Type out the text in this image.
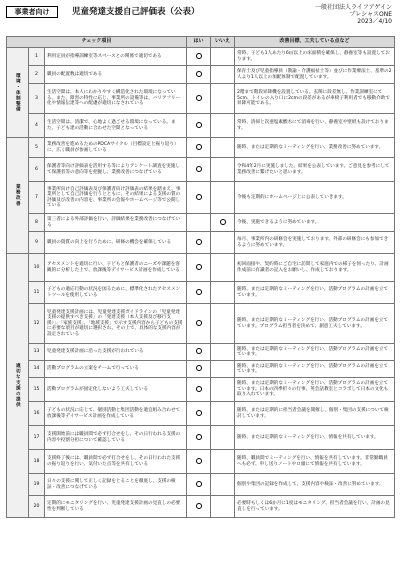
事業者向け	児童発達支援自己評価表（公表）	一般社団法人ライフアゲイン
プレシャスONE
2023／4/10
チェック項目			はい	いいえ	改善目標、工夫している点など
環境・体制整備	1	利用定員が指導訓練室等スペースとの関係で適切である			常時、子ども1人あたり6㎡以上の床面積を確保し、静養室等も設置しております。
	2	職員の配置数は適切である			保育士及び児童指導員（教諭・介護福祉士等）並びに作業療法士、基準の2人より1人以上の加配体制で配置しています。
	3	生活空間は、本人にわかりやすく構造化された環境になっている。また、障害の特性に応じ、事業所の設備等は、バリアフリー化や情報伝達等への配慮が適切になされている			2階まで階段昇降機を設置している。玄関に段差無し、作業訓練室にて5cm、トイレの入り口に2cmの段差があるが車椅子利用者でも移動介助で昇降可能である。
	4	生活空間は、清潔で、心地よく過ごせる環境になっている。また、子ども達の活動に合わせた空間となっている			常時、清掃と次亜塩素酸水にて消毒を行い、静養室や壁紙も設けております。
業務改善	5	業務改善を進めるためのPDCAサイクル（目標設定と振り返り）に、広く職員が参画している			随時、または定期的なミーティングを行い、業務改善に努めています。
	6	保護者等向け評価表を活用する等によりアンケート調査を実施して保護者等の意向等を把握し、業務改善につなげている			令和4年2月に実施しました。結果を公表しています。ご意見を参考にして業務改善に繋げたいと思います。
	7	事業所向け自己評価表及び保護者向け評価表の結果を踏まえ、事業所として自己評価を行うとともに、その結果による支援の質の評価及び改善の内容を、事業所の会報やホームページ等で公開している			今後も定期的にホームページ上に公表していきます。
	8	第三者による外部評価を行い、評価結果を業務改善につなげている			今後、実施できるように努めています。
	9	職員の資質の向上を行うために、研修の機会を確保している			毎月、事業所内の研修会を実施しております。外部の研修会にも参加できるように努めています。
適切な支援の提供	10	アセスメントを適切に行い、子どもと保護者のニーズや課題を客観的に分析した上で、放課後等デイサービス計画を作成している			初回面接や、契約時にご自宅に訪問して家庭内での様子を伺ったり、計画作成前に有識者の記入をお願いし、作成しております。
	11	子どもの適応行動の状況を図るために、標準化されたアセスメントツールを使用している			随時、または定期的なミーティングを行い、活動プログラムの計画を立てています。
	12	児童発達支援計画には、児童発達支援ガイドラインの「児童発達支援の提供すべき支援」の「発達支援（本人支援及び移行支援）」、「家族支援」、「地域支援」で示す支援内容から子どもの支援に必要な項目が適切に選択され、その上で、具体的な支援内容が設定されている			随時、または定期的なミーティングを行い、活動プログラムの計画を立てています。プログラム担当者を決めて、創意工夫しています。
	13	児童発達支援計画に沿った支援が行われている			随時、または定期的なミーティングを行い、活動プログラムの計画を立てています。
	14	活動プログラムの立案をチームで行っている			随時、または定期的なミーティングを行い、活動プログラムの計画を立てています。
	15	活動プログラムが固定化しないよう工夫している			随時、または定期的なミーティングを行い、活動プログラムの計画を立てています。日本の四季折々の行事、英会話教室とコラボして日本の文化も取り入れています。
	16	子どもの状況に応じて、個別活動と集団活動を適宜組み合わせて放課後等デイサービス計画を作成している			随時、または定期的に担当者会議を開催し、個別・集団の支援について検討しています。
	17	支援開始前には職員間で必ず打合せをし、その日行われる支援の内容や役割分担について確認している			随時、または定期的なミーティングを行い、情報を共有しています。
	18	支援終了後には、職員間で必ず打合せをし、その日行われた支援の振り返りを行い、気付いた点等を共有している			随時、職員間でミーティングを行い、情報を共有しています。非常勤職員へも必ず、申し送りノートやロ頭にて情報を共有しています。
	19	日々の支援に関して正しく記録をとることを徹底し、支援の検証・改善につなげている			個別や集団の記録を作成して、支援内容や検証・改善に努めています。
	20	定期的にモニタリングを行い、児童発達支援計画の見直しの必要性を判断している			必要時もしくは6か月に1度はモニタリング、担当者会議を行い、計画の見直しを行っています。
